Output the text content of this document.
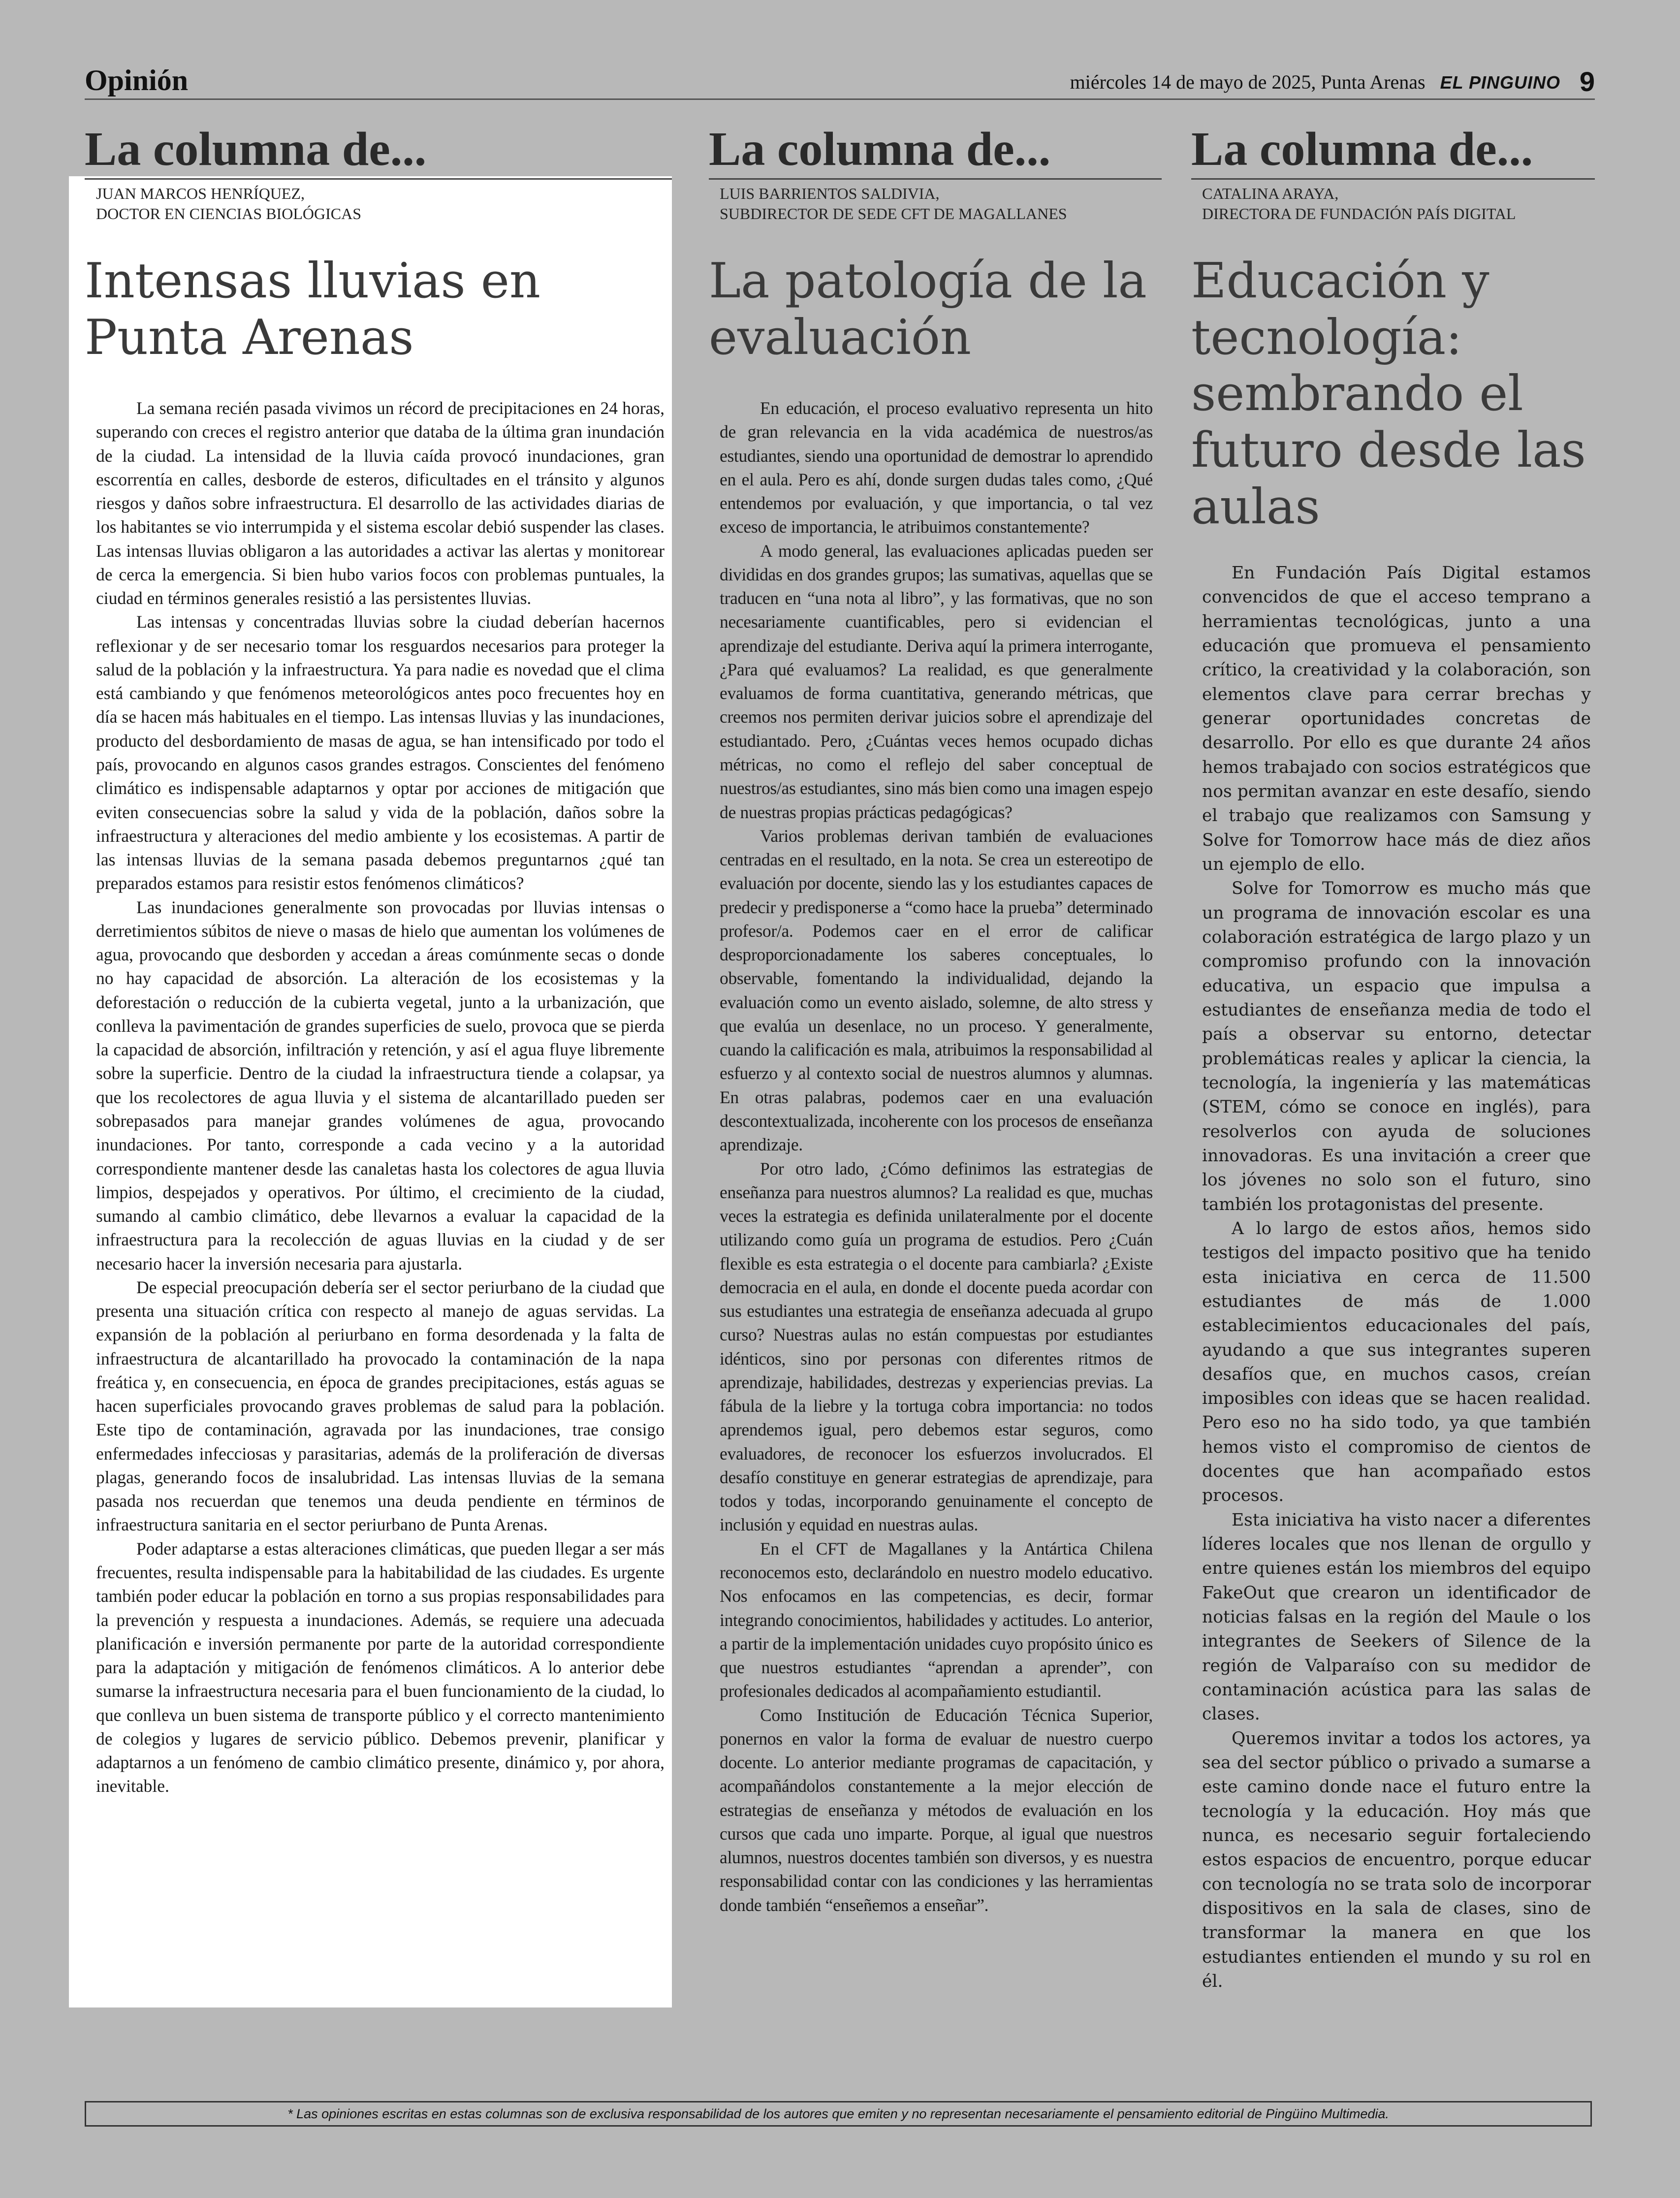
Opinión	miércoles 14 de mayo de 2025, Punta Arenas EL PINGUINO 9
La columna de...
JUAN MARCOS HENRÍQUEZ,
DOCTOR EN CIENCIAS BIOLÓGICAS
Intensas lluvias en Punta Arenas

La semana recién pasada vivimos un récord de precipitaciones en 24 horas, superando con creces el registro anterior que databa de la última gran inundación de la ciudad. La intensidad de la lluvia caída provocó inundaciones, gran escorrentía en calles, desborde de esteros, dificultades en el tránsito y algunos riesgos y daños sobre infraestructura. El desarrollo de las actividades diarias de los habitantes se vio interrumpida y el sistema escolar debió suspender las clases. Las intensas lluvias obligaron a las autoridades a activar las alertas y monitorear de cerca la emergencia. Si bien hubo varios focos con problemas puntuales, la ciudad en términos generales resistió a las persistentes lluvias.

Las intensas y concentradas lluvias sobre la ciudad deberían hacernos reflexionar y de ser necesario tomar los resguardos necesarios para proteger la salud de la población y la infraestructura. Ya para nadie es novedad que el clima está cambiando y que fenómenos meteorológicos antes poco frecuentes hoy en día se hacen más habituales en el tiempo. Las intensas lluvias y las inundaciones, producto del desbordamiento de masas de agua, se han intensificado por todo el país, provocando en algunos casos grandes estragos. Conscientes del fenómeno climático es indispensable adaptarnos y optar por acciones de mitigación que eviten consecuencias sobre la salud y vida de la población, daños sobre la infraestructura y alteraciones del medio ambiente y los ecosistemas. A partir de las intensas lluvias de la semana pasada debemos preguntarnos ¿qué tan preparados estamos para resistir estos fenómenos climáticos?

Las inundaciones generalmente son provocadas por lluvias intensas o derretimientos súbitos de nieve o masas de hielo que aumentan los volúmenes de agua, provocando que desborden y accedan a áreas comúnmente secas o donde no hay capacidad de absorción. La alteración de los ecosistemas y la deforestación o reducción de la cubierta vegetal, junto a la urbanización, que conlleva la pavimentación de grandes superficies de suelo, provoca que se pierda la capacidad de absorción, infiltración y retención, y así el agua fluye libremente sobre la superficie. Dentro de la ciudad la infraestructura tiende a colapsar, ya que los recolectores de agua lluvia y el sistema de alcantarillado pueden ser sobrepasados para manejar grandes volúmenes de agua, provocando inundaciones. Por tanto, corresponde a cada vecino y a la autoridad correspondiente mantener desde las canaletas hasta los colectores de agua lluvia limpios, despejados y operativos. Por último, el crecimiento de la ciudad, sumando al cambio climático, debe llevarnos a evaluar la capacidad de la infraestructura para la recolección de aguas lluvias en la ciudad y de ser necesario hacer la inversión necesaria para ajustarla.

De especial preocupación debería ser el sector periurbano de la ciudad que presenta una situación crítica con respecto al manejo de aguas servidas. La expansión de la población al periurbano en forma desordenada y la falta de infraestructura de alcantarillado ha provocado la contaminación de la napa freática y, en consecuencia, en época de grandes precipitaciones, estás aguas se hacen superficiales provocando graves problemas de salud para la población. Este tipo de contaminación, agravada por las inundaciones, trae consigo enfermedades infecciosas y parasitarias, además de la proliferación de diversas plagas, generando focos de insalubridad. Las intensas lluvias de la semana pasada nos recuerdan que tenemos una deuda pendiente en términos de infraestructura sanitaria en el sector periurbano de Punta Arenas.

Poder adaptarse a estas alteraciones climáticas, que pueden llegar a ser más frecuentes, resulta indispensable para la habitabilidad de las ciudades. Es urgente también poder educar la población en torno a sus propias responsabilidades para la prevención y respuesta a inundaciones. Además, se requiere una adecuada planificación e inversión permanente por parte de la autoridad correspondiente para la adaptación y mitigación de fenómenos climáticos. A lo anterior debe sumarse la infraestructura necesaria para el buen funcionamiento de la ciudad, lo que conlleva un buen sistema de transporte público y el correcto mantenimiento de colegios y lugares de servicio público. Debemos prevenir, planificar y adaptarnos a un fenómeno de cambio climático presente, dinámico y, por ahora, inevitable.

La columna de...
LUIS BARRIENTOS SALDIVIA,
SUBDIRECTOR DE SEDE CFT DE MAGALLANES
La patología de la evaluación

En educación, el proceso evaluativo representa un hito de gran relevancia en la vida académica de nuestros/as estudiantes, siendo una oportunidad de demostrar lo aprendido en el aula. Pero es ahí, donde surgen dudas tales como, ¿Qué entendemos por evaluación, y que importancia, o tal vez exceso de importancia, le atribuimos constantemente?

A modo general, las evaluaciones aplicadas pueden ser divididas en dos grandes grupos; las sumativas, aquellas que se traducen en “una nota al libro”, y las formativas, que no son necesariamente cuantificables, pero si evidencian el aprendizaje del estudiante. Deriva aquí la primera interrogante, ¿Para qué evaluamos? La realidad, es que generalmente evaluamos de forma cuantitativa, generando métricas, que creemos nos permiten derivar juicios sobre el aprendizaje del estudiantado. Pero, ¿Cuántas veces hemos ocupado dichas métricas, no como el reflejo del saber conceptual de nuestros/as estudiantes, sino más bien como una imagen espejo de nuestras propias prácticas pedagógicas?

Varios problemas derivan también de evaluaciones centradas en el resultado, en la nota. Se crea un estereotipo de evaluación por docente, siendo las y los estudiantes capaces de predecir y predisponerse a “como hace la prueba” determinado profesor/a. Podemos caer en el error de calificar desproporcionadamente los saberes conceptuales, lo observable, fomentando la individualidad, dejando la evaluación como un evento aislado, solemne, de alto stress y que evalúa un desenlace, no un proceso. Y generalmente, cuando la calificación es mala, atribuimos la responsabilidad al esfuerzo y al contexto social de nuestros alumnos y alumnas. En otras palabras, podemos caer en una evaluación descontextualizada, incoherente con los procesos de enseñanza aprendizaje.

Por otro lado, ¿Cómo definimos las estrategias de enseñanza para nuestros alumnos? La realidad es que, muchas veces la estrategia es definida unilateralmente por el docente utilizando como guía un programa de estudios. Pero ¿Cuán flexible es esta estrategia o el docente para cambiarla? ¿Existe democracia en el aula, en donde el docente pueda acordar con sus estudiantes una estrategia de enseñanza adecuada al grupo curso? Nuestras aulas no están compuestas por estudiantes idénticos, sino por personas con diferentes ritmos de aprendizaje, habilidades, destrezas y experiencias previas. La fábula de la liebre y la tortuga cobra importancia: no todos aprendemos igual, pero debemos estar seguros, como evaluadores, de reconocer los esfuerzos involucrados. El desafío constituye en generar estrategias de aprendizaje, para todos y todas, incorporando genuinamente el concepto de inclusión y equidad en nuestras aulas.

En el CFT de Magallanes y la Antártica Chilena reconocemos esto, declarándolo en nuestro modelo educativo. Nos enfocamos en las competencias, es decir, formar integrando conocimientos, habilidades y actitudes. Lo anterior, a partir de la implementación unidades cuyo propósito único es que nuestros estudiantes “aprendan a aprender”, con profesionales dedicados al acompañamiento estudiantil.

Como Institución de Educación Técnica Superior, ponernos en valor la forma de evaluar de nuestro cuerpo docente. Lo anterior mediante programas de capacitación, y acompañándolos constantemente a la mejor elección de estrategias de enseñanza y métodos de evaluación en los cursos que cada uno imparte. Porque, al igual que nuestros alumnos, nuestros docentes también son diversos, y es nuestra responsabilidad contar con las condiciones y las herramientas donde también “enseñemos a enseñar”.

La columna de...
CATALINA ARAYA,
DIRECTORA DE FUNDACIÓN PAÍS DIGITAL
Educación y tecnología: sembrando el futuro desde las aulas

En Fundación País Digital estamos convencidos de que el acceso temprano a herramientas tecnológicas, junto a una educación que promueva el pensamiento crítico, la creatividad y la colaboración, son elementos clave para cerrar brechas y generar oportunidades concretas de desarrollo. Por ello es que durante 24 años hemos trabajado con socios estratégicos que nos permitan avanzar en este desafío, siendo el trabajo que realizamos con Samsung y Solve for Tomorrow hace más de diez años un ejemplo de ello.

Solve for Tomorrow es mucho más que un programa de innovación escolar es una colaboración estratégica de largo plazo y un compromiso profundo con la innovación educativa, un espacio que impulsa a estudiantes de enseñanza media de todo el país a observar su entorno, detectar problemáticas reales y aplicar la ciencia, la tecnología, la ingeniería y las matemáticas (STEM, cómo se conoce en inglés), para resolverlos con ayuda de soluciones innovadoras. Es una invitación a creer que los jóvenes no solo son el futuro, sino también los protagonistas del presente.

A lo largo de estos años, hemos sido testigos del impacto positivo que ha tenido esta iniciativa en cerca de 11.500 estudiantes de más de 1.000 establecimientos educacionales del país, ayudando a que sus integrantes superen desafíos que, en muchos casos, creían imposibles con ideas que se hacen realidad. Pero eso no ha sido todo, ya que también hemos visto el compromiso de cientos de docentes que han acompañado estos procesos.

Esta iniciativa ha visto nacer a diferentes líderes locales que nos llenan de orgullo y entre quienes están los miembros del equipo FakeOut que crearon un identificador de noticias falsas en la región del Maule o los integrantes de Seekers of Silence de la región de Valparaíso con su medidor de contaminación acústica para las salas de clases.

Queremos invitar a todos los actores, ya sea del sector público o privado a sumarse a este camino donde nace el futuro entre la tecnología y la educación. Hoy más que nunca, es necesario seguir fortaleciendo estos espacios de encuentro, porque educar con tecnología no se trata solo de incorporar dispositivos en la sala de clases, sino de transformar la manera en que los estudiantes entienden el mundo y su rol en él.

* Las opiniones escritas en estas columnas son de exclusiva responsabilidad de los autores que emiten y no representan necesariamente el pensamiento editorial de Pingüino Multimedia.
